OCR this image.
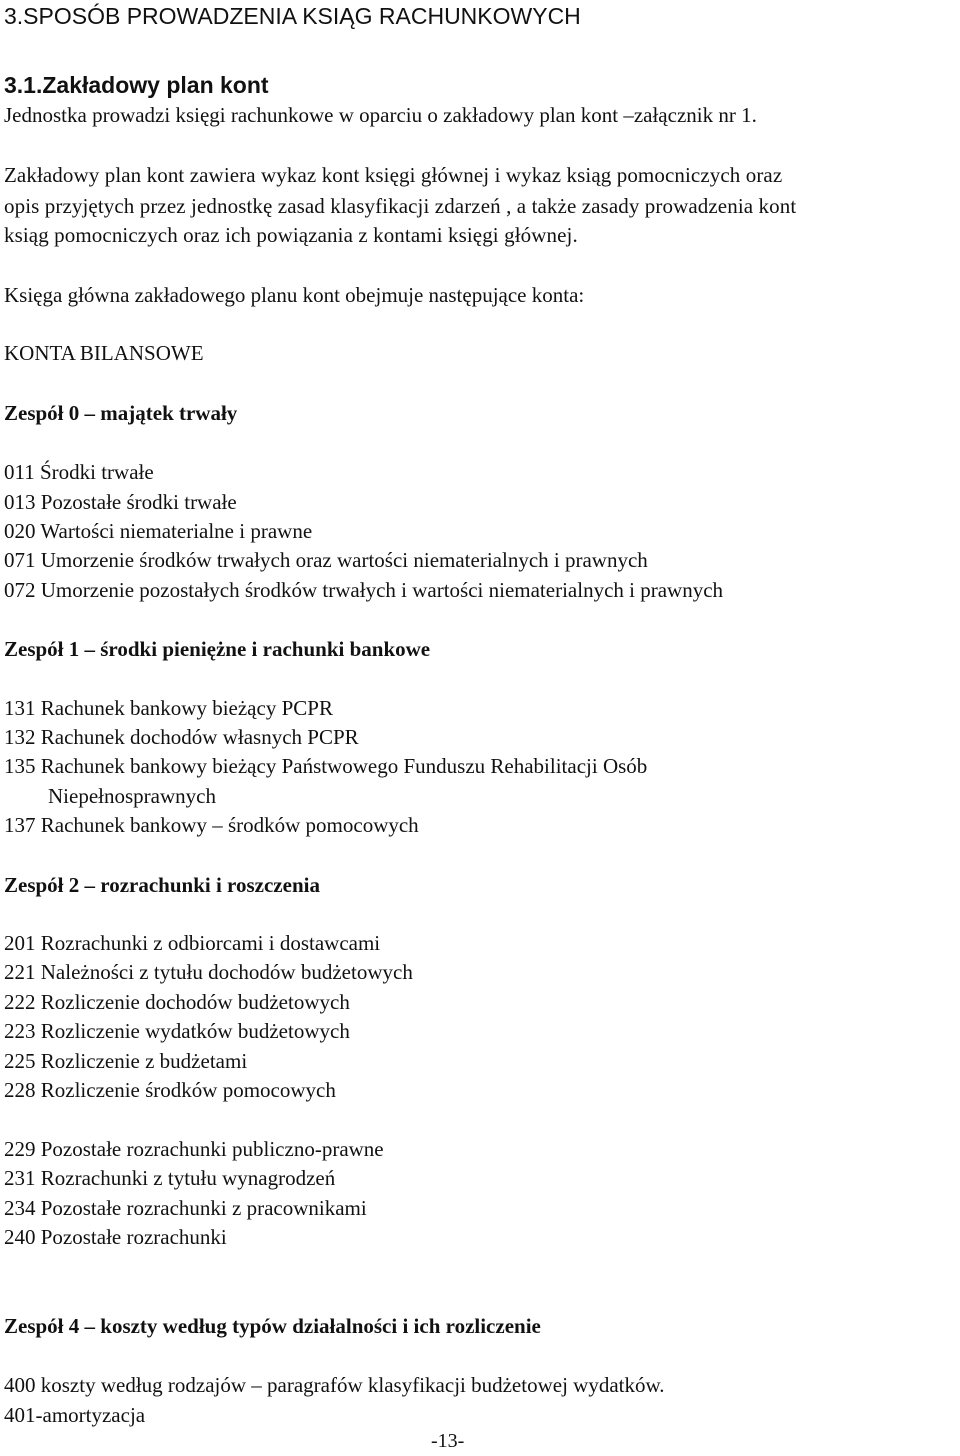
3.SPOSÓB PROWADZENIA KSIĄG RACHUNKOWYCH
3.1.Zakładowy plan kont
Jednostka prowadzi księgi rachunkowe w oparciu o zakładowy plan kont –załącznik nr 1.
Zakładowy plan kont zawiera wykaz kont księgi głównej i wykaz ksiąg pomocniczych oraz
opis przyjętych przez jednostkę zasad klasyfikacji zdarzeń , a także zasady prowadzenia kont
ksiąg pomocniczych oraz ich powiązania z kontami księgi głównej.
Księga główna zakładowego planu kont obejmuje następujące konta:
KONTA BILANSOWE
Zespół 0 – majątek trwały
011 Środki trwałe
013 Pozostałe środki trwałe
020 Wartości niematerialne i prawne
071 Umorzenie środków trwałych oraz wartości niematerialnych i prawnych
072 Umorzenie pozostałych środków trwałych i wartości niematerialnych i prawnych
Zespół 1 – środki pieniężne i rachunki bankowe
131 Rachunek bankowy bieżący PCPR
132 Rachunek dochodów własnych PCPR
135 Rachunek bankowy bieżący Państwowego Funduszu Rehabilitacji Osób
Niepełnosprawnych
137 Rachunek bankowy – środków pomocowych
Zespół 2 – rozrachunki i roszczenia
201 Rozrachunki z odbiorcami i dostawcami
221 Należności z tytułu dochodów budżetowych
222 Rozliczenie dochodów budżetowych
223 Rozliczenie wydatków budżetowych
225 Rozliczenie z budżetami
228 Rozliczenie środków pomocowych
229 Pozostałe rozrachunki publiczno-prawne
231 Rozrachunki z tytułu wynagrodzeń
234 Pozostałe rozrachunki z pracownikami
240 Pozostałe rozrachunki
Zespół 4 – koszty według typów działalności i ich rozliczenie
400 koszty według rodzajów – paragrafów klasyfikacji budżetowej wydatków.
401-amortyzacja
-13-
